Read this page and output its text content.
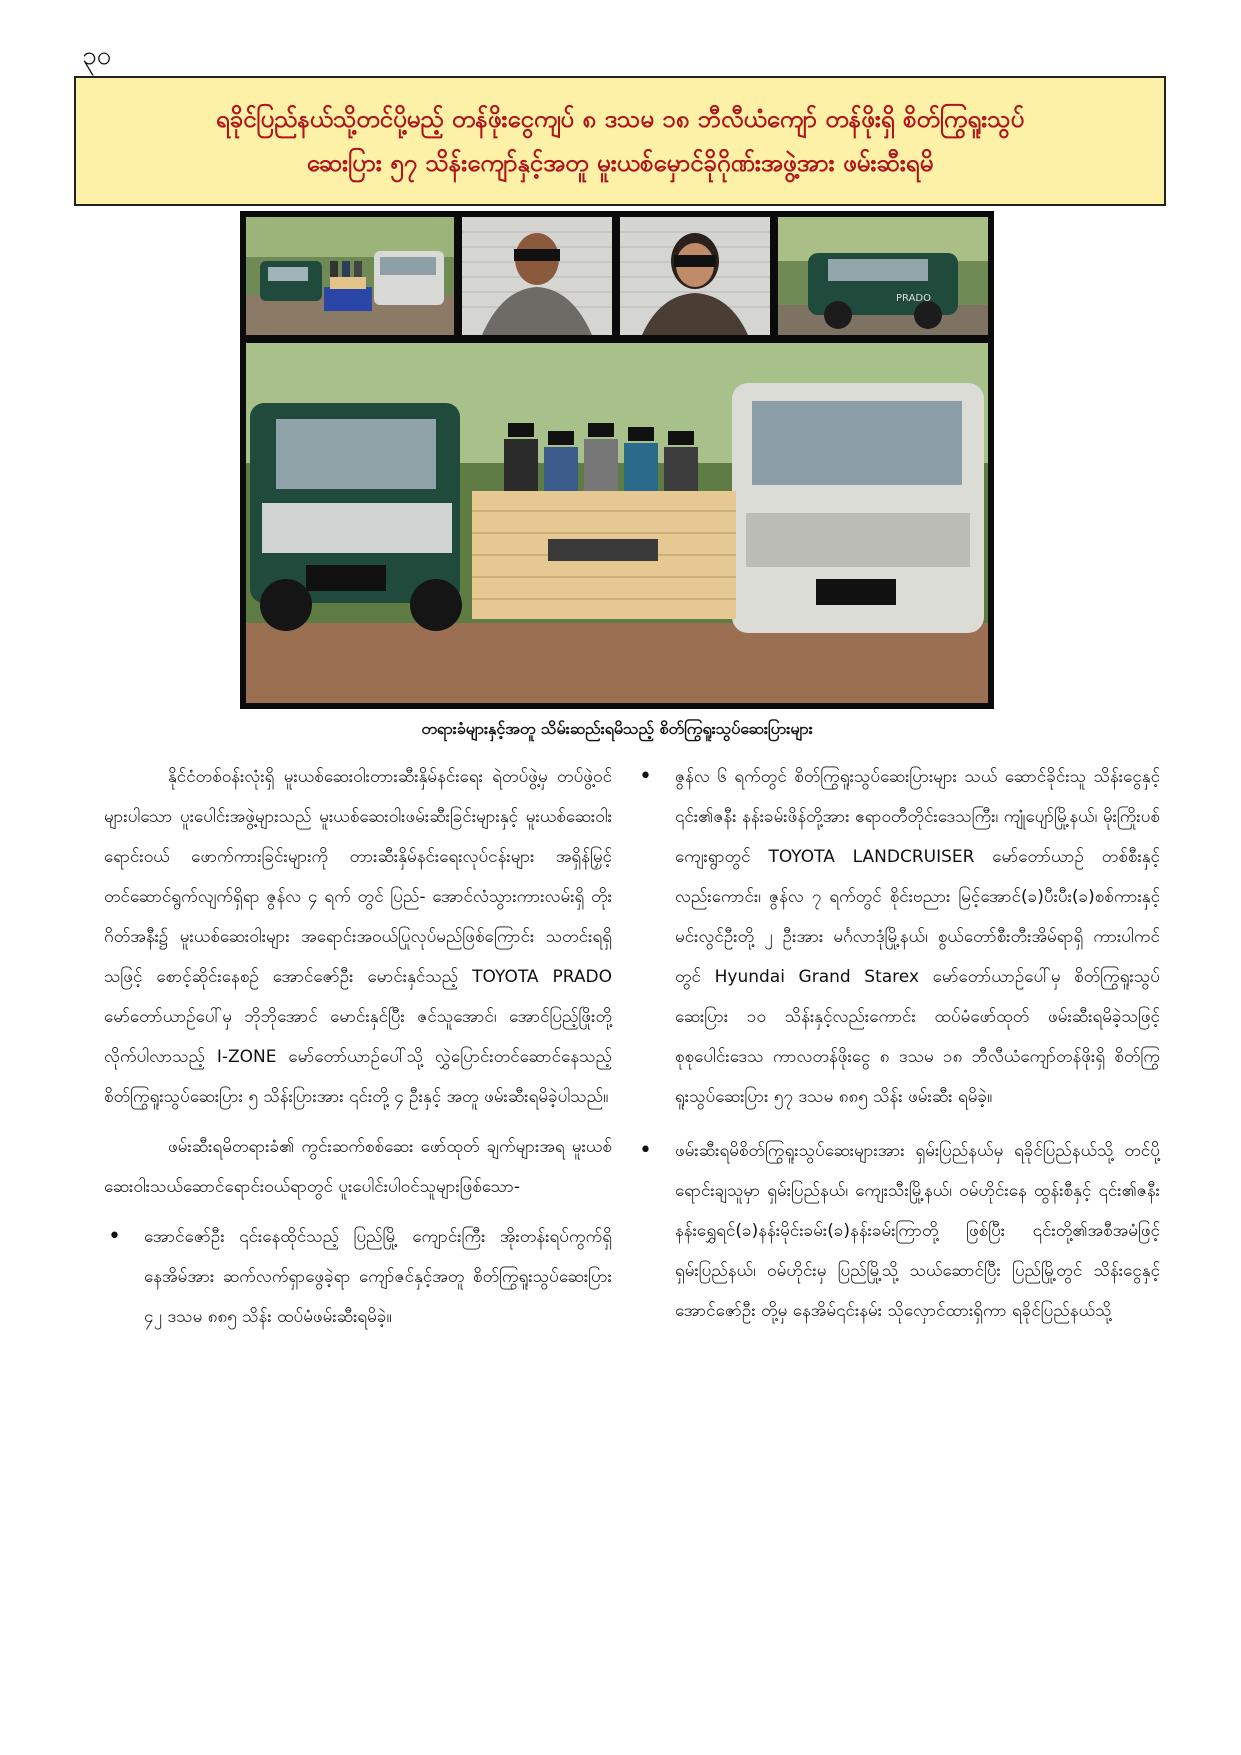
၃၀
ရခိုင်ပြည်နယ်သို့တင်ပို့မည့် တန်ဖိုးငွေကျပ် ၈ ဒသမ ၁၈ ဘီလီယံကျော် တန်ဖိုးရှိ စိတ်ကြွရူးသွပ်
ဆေးပြား ၅၇ သိန်းကျော်နှင့်အတူ မူးယစ်မှောင်ခိုဂိုဏ်းအဖွဲ့အား ဖမ်းဆီးရမိ
PRADO
တရားခံများနှင့်အတူ သိမ်းဆည်းရမိသည့် စိတ်ကြွရူးသွပ်ဆေးပြားများ

နိုင်ငံတစ်ဝန်းလုံးရှိ မူးယစ်ဆေးဝါးတားဆီးနှိမ်နင်းရေး ရဲတပ်ဖွဲ့မှ တပ်ဖွဲ့ဝင်များပါသော ပူးပေါင်းအဖွဲ့များသည် မူးယစ်ဆေးဝါးဖမ်းဆီးခြင်းများနှင့် မူးယစ်ဆေးဝါးရောင်းဝယ် ဖောက်ကားခြင်းများကို တားဆီးနှိမ်နင်းရေးလုပ်ငန်းများ အရှိန်မြှင့်တင်ဆောင်ရွက်လျက်ရှိရာ ဇွန်လ ၄ ရက် တွင် ပြည်- အောင်လံသွားကားလမ်းရှိ တိုးဂိတ်အနီး၌ မူးယစ်ဆေးဝါးများ အရောင်းအဝယ်ပြုလုပ်မည်ဖြစ်ကြောင်း သတင်းရရှိသဖြင့် စောင့်ဆိုင်းနေစဉ် အောင်ဇော်ဦး မောင်းနှင်သည့် TOYOTA PRADO မော်တော်ယာဉ်ပေါ်မှ ဘိုဘိုအောင် မောင်းနှင်ပြီး ဇင်သူအောင်၊ အောင်ပြည့်ဖြိုးတို့ လိုက်ပါလာသည့် I-ZONE မော်တော်ယာဉ်ပေါ်သို့ လွှဲပြောင်းတင်ဆောင်နေသည့် စိတ်ကြွရူးသွပ်ဆေးပြား ၅ သိန်းပြားအား ၎င်းတို့ ၄ ဦးနှင့် အတူ ဖမ်းဆီးရမိခဲ့ပါသည်။

ဖမ်းဆီးရမိတရားခံ၏ ကွင်းဆက်စစ်ဆေး ဖော်ထုတ် ချက်များအရ မူးယစ်ဆေးဝါးသယ်ဆောင်ရောင်းဝယ်ရာတွင် ပူးပေါင်းပါဝင်သူများဖြစ်သော-

• အောင်ဇော်ဦး ၎င်းနေထိုင်သည့် ပြည်မြို့ ကျောင်းကြီး အိုးတန်းရပ်ကွက်ရှိ နေအိမ်အား ဆက်လက်ရှာဖွေခဲ့ရာ ကျော်ဇင်နှင့်အတူ စိတ်ကြွရူးသွပ်ဆေးပြား ၄၂ ဒသမ ၈၈၅ သိန်း ထပ်မံဖမ်းဆီးရမိခဲ့။
• ဇွန်လ ၆ ရက်တွင် စိတ်ကြွရူးသွပ်ဆေးပြားများ သယ် ဆောင်ခိုင်းသူ သိန်းငွေနှင့် ၎င်း၏ဇနီး နန်းခမ်းဖိန်တို့အား ဧရာဝတီတိုင်းဒေသကြီး၊ ကျုံပျော်မြို့နယ်၊ မိုးကြိုးပစ် ကျေးရွာတွင် TOYOTA LANDCRUISER မော်တော်ယာဉ် တစ်စီးနှင့်လည်းကောင်း၊ ဇွန်လ ၇ ရက်တွင် စိုင်းဗညား မြင့်အောင်(ခ)ပီးပီး(ခ)စစ်ကားနှင့် မင်းလွင်ဦးတို့ ၂ ဦးအား မင်္ဂလာဒုံမြို့နယ်၊ စွယ်တော်စီးတီးအိမ်ရာရှိ ကားပါကင် တွင် Hyundai Grand Starex မော်တော်ယာဉ်ပေါ်မှ စိတ်ကြွရူးသွပ်ဆေးပြား ၁၀ သိန်းနှင့်လည်းကောင်း ထပ်မံဖော်ထုတ် ဖမ်းဆီးရမိခဲ့သဖြင့် စုစုပေါင်းဒေသ ကာလတန်ဖိုးငွေ ၈ ဒသမ ၁၈ ဘီလီယံကျော်တန်ဖိုးရှိ စိတ်ကြွရူးသွပ်ဆေးပြား ၅၇ ဒသမ ၈၈၅ သိန်း ဖမ်းဆီး ရမိခဲ့။
• ဖမ်းဆီးရမိစိတ်ကြွရူးသွပ်ဆေးများအား ရှမ်းပြည်နယ်မှ ရခိုင်ပြည်နယ်သို့ တင်ပို့ရောင်းချသူမှာ ရှမ်းပြည်နယ်၊ ကျေးသီးမြို့နယ်၊ ဝမ်ဟိုင်းနေ ထွန်းစီနှင့် ၎င်း၏ဇနီး နန်းရွှေရင်(ခ)နန်းမိုင်းခမ်း(ခ)နန်းခမ်းကြာတို့ ဖြစ်ပြီး ၎င်းတို့၏အစီအမံဖြင့် ရှမ်းပြည်နယ်၊ ဝမ်ဟိုင်းမှ ပြည်မြို့သို့ သယ်ဆောင်ပြီး ပြည်မြို့တွင် သိန်းငွေနှင့် အောင်ဇော်ဦး တို့မှ နေအိမ်၎င်းနမ်း သိုလှောင်ထားရှိကာ ရခိုင်ပြည်နယ်သို့
